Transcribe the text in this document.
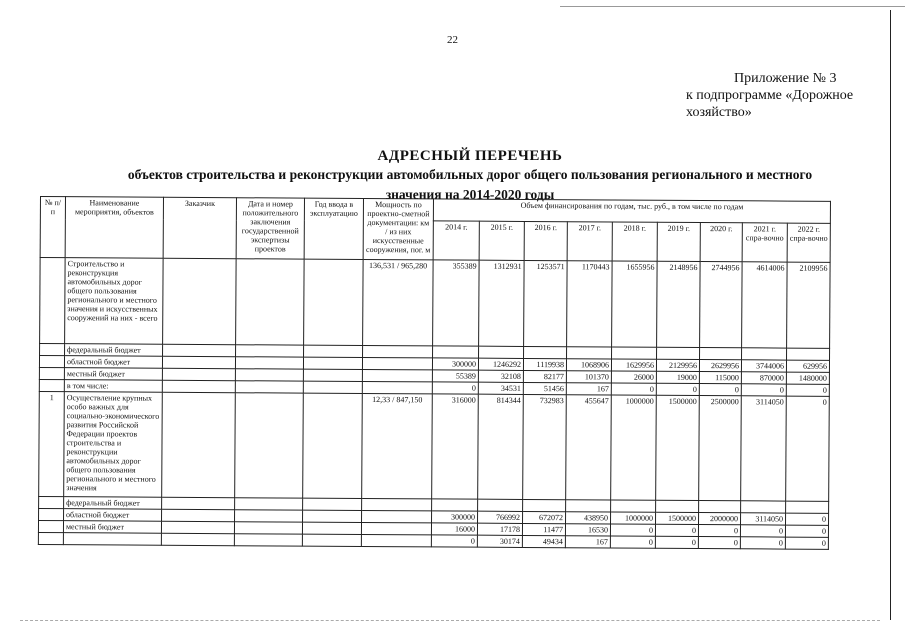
22
Приложение № 3
к подпрограмме «Дорожное
хозяйство»
АДРЕСНЫЙ ПЕРЕЧЕНЬ
объектов строительства и реконструкции автомобильных дорог общего пользования регионального и местного
значения на 2014-2020 годы
№ п/п	Наименование мероприятия, объектов	Заказчик	Дата и номер положительного заключения государственной экспертизы проектов	Год ввода в эксплуатацию	Мощность по проектно-сметной документации: км / из них искусственные сооружения, пог. м	Объем финансирования по годам, тыс. руб., в том числе по годам								
						2014 г.	2015 г.	2016 г.	2017 г.	2018 г.	2019 г.	2020 г.	2021 г. спра-вочно	2022 г. спра-вочно
	Строительство и реконструкция автомобильных дорог общего пользования регионального и местного значения и искусственных сооружений на них - всего				136,531 / 965,280	355389	1312931	1253571	1170443	1655956	2148956	2744956	4614006	2109956
	федеральный бюджет													
	областной бюджет					300000	1246292	1119938	1068906	1629956	2129956	2629956	3744006	629956
	местный бюджет					55389	32108	82177	101370	26000	19000	115000	870000	1480000
	в том числе:					0	34531	51456	167	0	0	0	0	0
1	Осуществление крупных особо важных для социально-экономического развития Российской Федерации проектов строительства и реконструкции автомобильных дорог общего пользования регионального и местного значения				12,33 / 847,150	316000	814344	732983	455647	1000000	1500000	2500000	3114050	0
	федеральный бюджет													
	областной бюджет					300000	766992	672072	438950	1000000	1500000	2000000	3114050	0
	местный бюджет					16000	17178	11477	16530	0	0	0	0	0
						0	30174	49434	167	0	0	0	0	0
